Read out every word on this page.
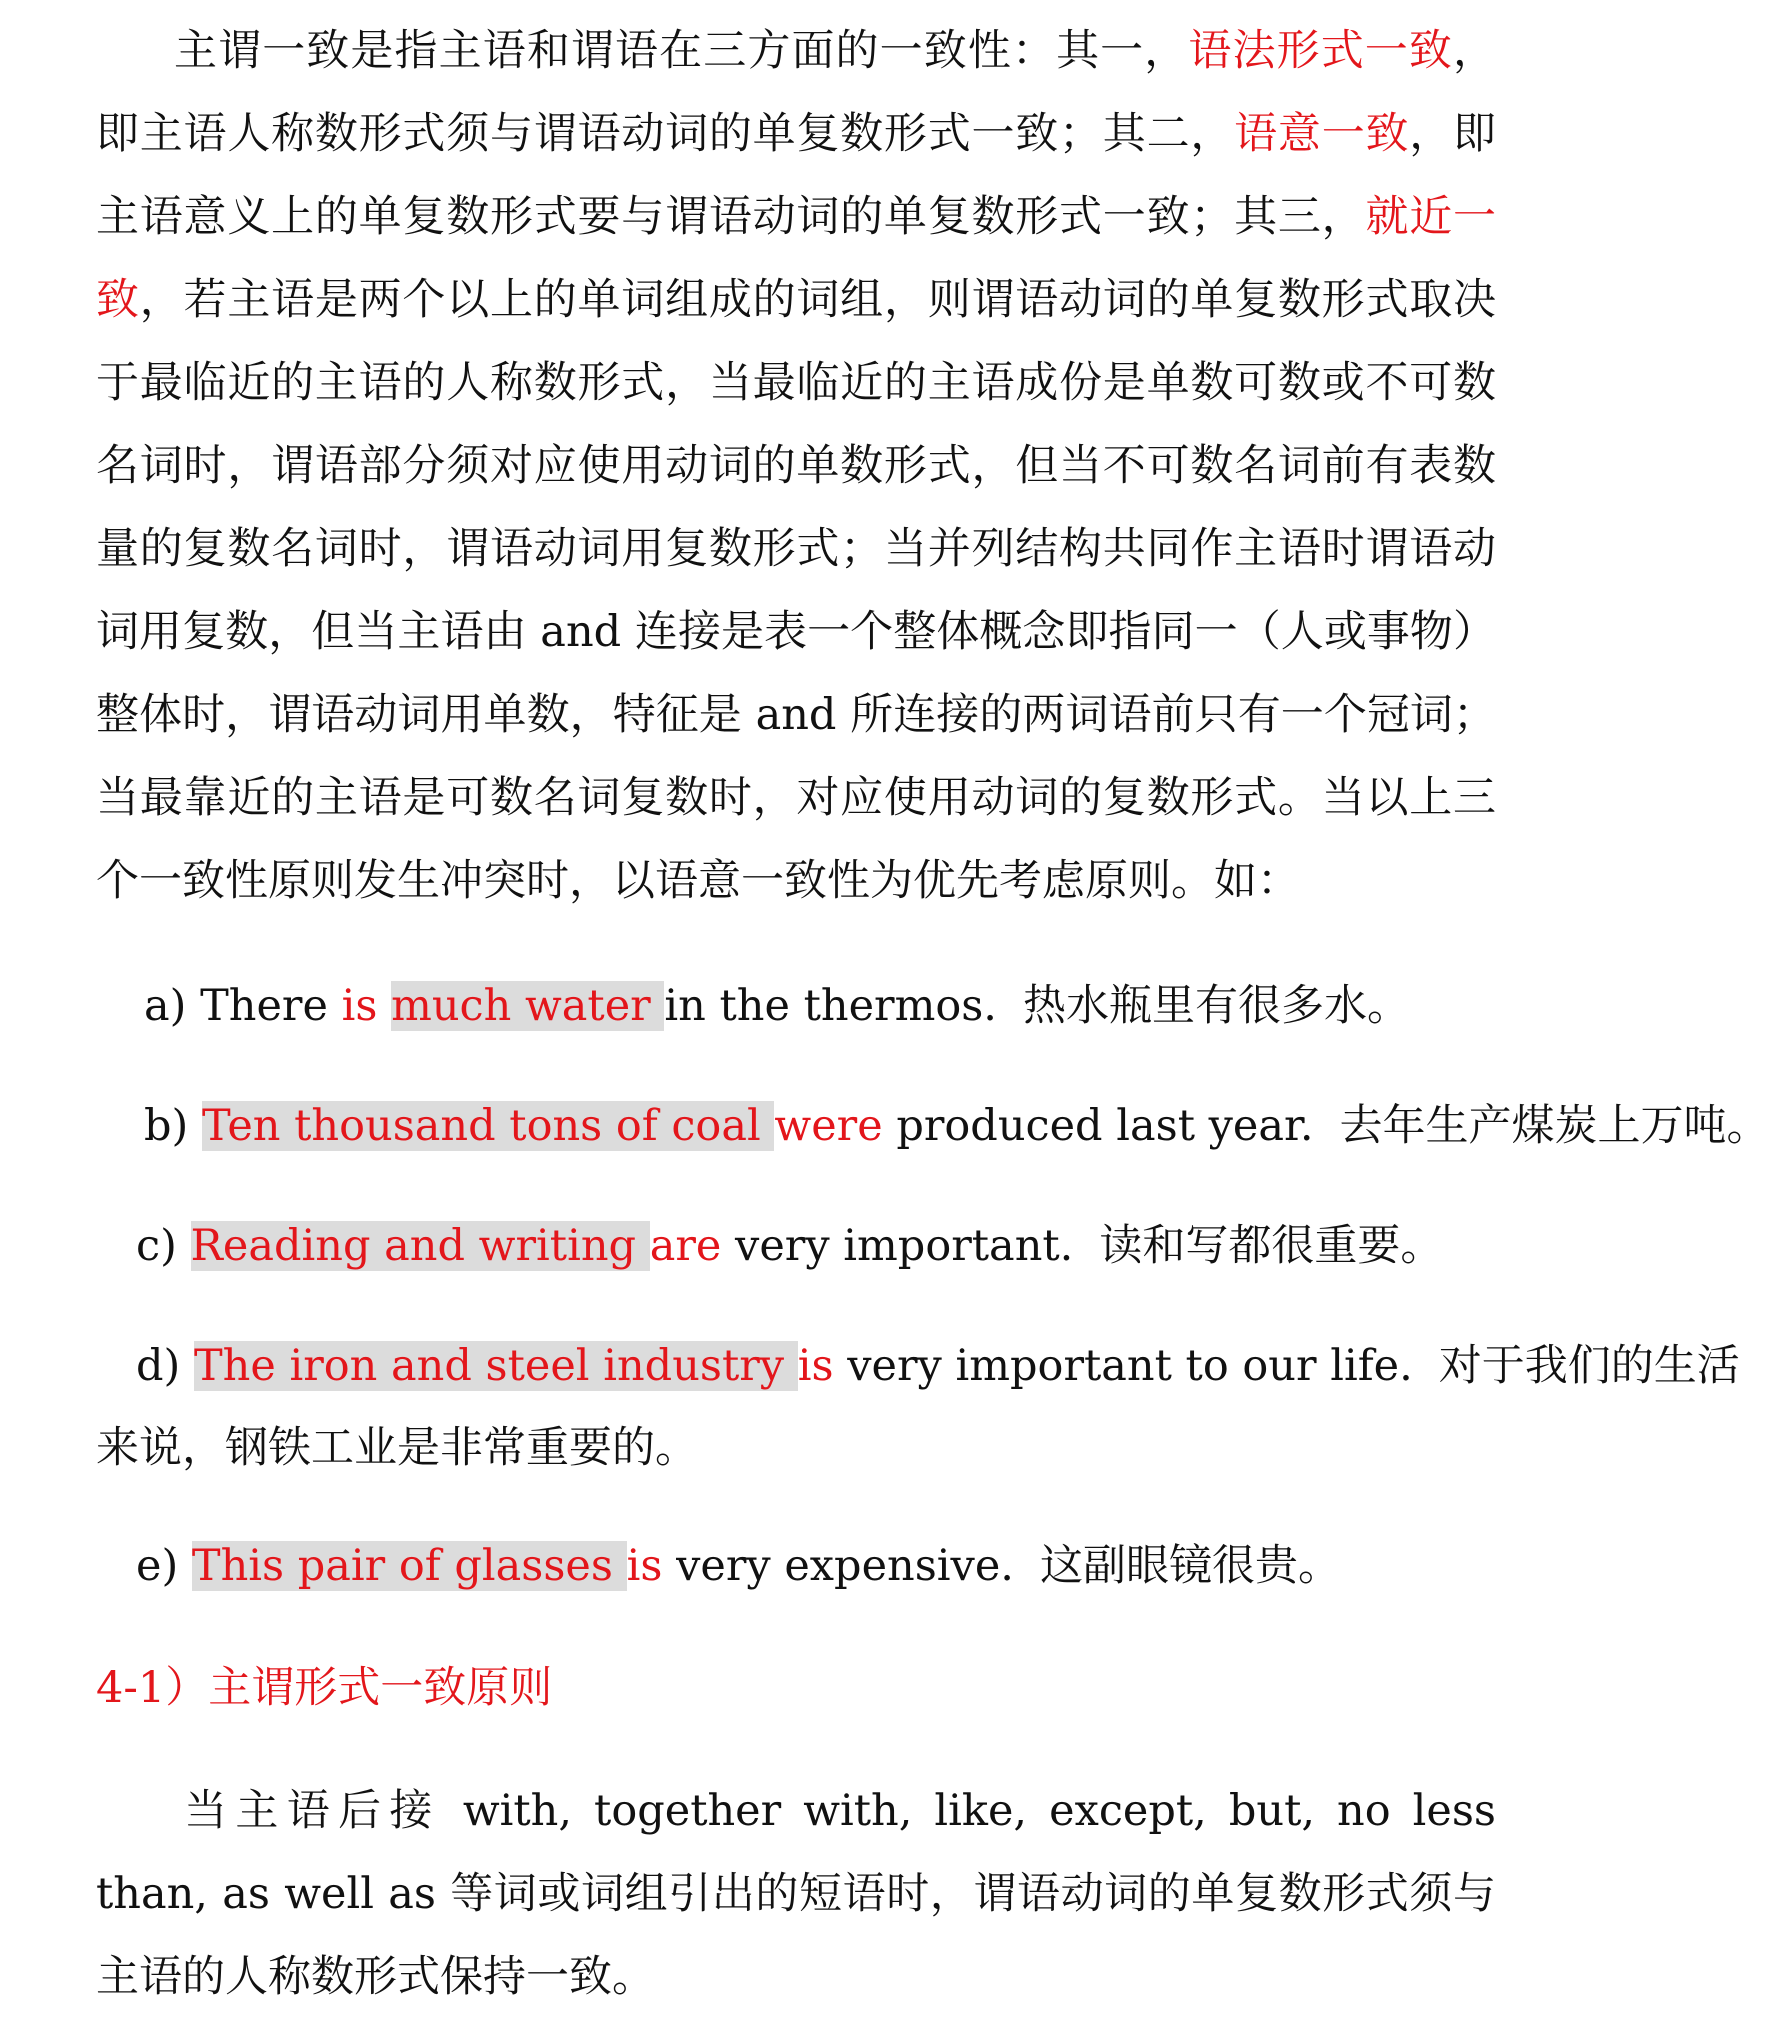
主谓一致是指主语和谓语在三方面的一致性：其一，语法形式一致，即主语人称数形式须与谓语动词的单复数形式一致；其二，语意一致，即主语意义上的单复数形式要与谓语动词的单复数形式一致；其三，就近一致，若主语是两个以上的单词组成的词组，则谓语动词的单复数形式取决于最临近的主语的人称数形式，当最临近的主语成份是单数可数或不可数名词时，谓语部分须对应使用动词的单数形式，但当不可数名词前有表数量的复数名词时，谓语动词用复数形式；当并列结构共同作主语时谓语动词用复数，但当主语由 and 连接是表一个整体概念即指同一（人或事物）整体时，谓语动词用单数，特征是 and 所连接的两词语前只有一个冠词；当最靠近的主语是可数名词复数时，对应使用动词的复数形式。当以上三个一致性原则发生冲突时，以语意一致性为优先考虑原则。如：

a) There is much water in the thermos. 热水瓶里有很多水。

b) Ten thousand tons of coal were produced last year. 去年生产煤炭上万吨。

c) Reading and writing are very important. 读和写都很重要。

d) The iron and steel industry is very important to our life. 对于我们的生活

来说，钢铁工业是非常重要的。

e) This pair of glasses is very expensive. 这副眼镜很贵。

4-1）主谓形式一致原则

当主语后接 with, together with, like, except, but, no less than, as well as 等词或词组引出的短语时，谓语动词的单复数形式须与主语的人称数形式保持一致。
